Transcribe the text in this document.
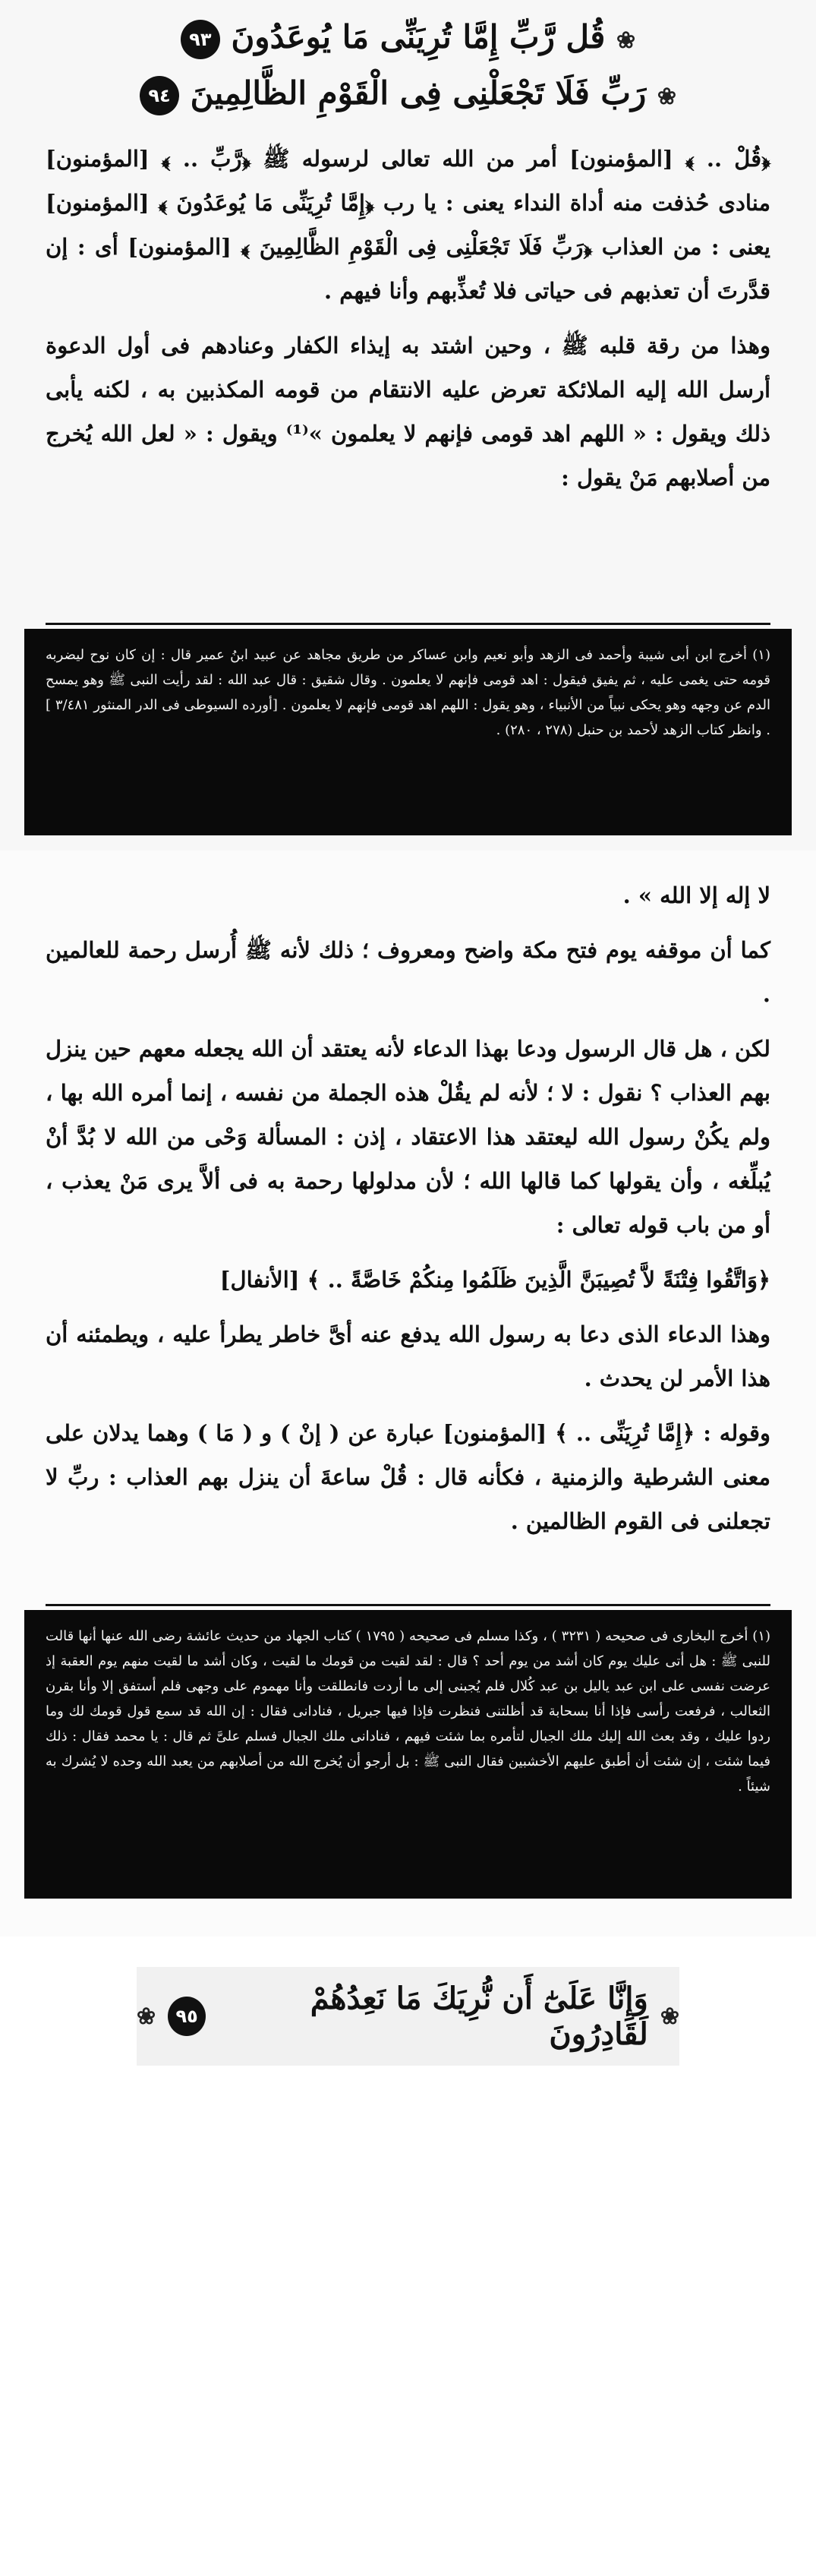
❀ قُل رَّبِّ إِمَّا تُرِيَنِّى مَا يُوعَدُونَ ٩٣
❀ رَبِّ فَلَا تَجْعَلْنِى فِى الْقَوْمِ الظَّالِمِينَ ٩٤

﴿قُلْ .. ﴾ [المؤمنون] أمر من الله تعالى لرسوله ﷺ ﴿رَّبِّ .. ﴾ [المؤمنون] منادى حُذفت منه أداة النداء يعنى : يا رب ﴿إِمَّا تُرِيَنِّى مَا يُوعَدُونَ ﴾ [المؤمنون] يعنى : من العذاب ﴿رَبِّ فَلَا تَجْعَلْنِى فِى الْقَوْمِ الظَّالِمِينَ ﴾ [المؤمنون] أى : إن قدَّرتَ أن تعذبهم فى حياتى فلا تُعذِّبهم وأنا فيهم .

وهذا من رقة قلبه ﷺ ، وحين اشتد به إيذاء الكفار وعنادهم فى أول الدعوة أرسل الله إليه الملائكة تعرض عليه الانتقام من قومه المكذبين به ، لكنه يأبى ذلك ويقول : « اللهم اهد قومى فإنهم لا يعلمون »⁽¹⁾ ويقول : « لعل الله يُخرج من أصلابهم مَنْ يقول :

(١) أخرج ابن أبى شيبة وأحمد فى الزهد وأبو نعيم وابن عساكر من طريق مجاهد عن عبيد ابنُ عمير قال : إن كان نوح ليضربه قومه حتى يغمى عليه ، ثم يفيق فيقول : اهد قومى فإنهم لا يعلمون . وقال شقيق : قال عبد الله : لقد رأيت النبى ﷺ وهو يمسح الدم عن وجهه وهو يحكى نبياً من الأنبياء ، وهو يقول : اللهم اهد قومى فإنهم لا يعلمون . [أورده السيوطى فى الدر المنثور ٣/٤٨١ ] . وانظر كتاب الزهد لأحمد بن حنبل (٢٧٨ ، ٢٨٠) .

لا إله إلا الله » .

كما أن موقفه يوم فتح مكة واضح ومعروف ؛ ذلك لأنه ﷺ أُرسل رحمة للعالمين .

لكن ، هل قال الرسول ودعا بهذا الدعاء لأنه يعتقد أن الله يجعله معهم حين ينزل بهم العذاب ؟ نقول : لا ؛ لأنه لم يقُلْ هذه الجملة من نفسه ، إنما أمره الله بها ، ولم يكُنْ رسول الله ليعتقد هذا الاعتقاد ، إذن : المسألة وَحْى من الله لا بُدَّ أنْ يُبلِّغه ، وأن يقولها كما قالها الله ؛ لأن مدلولها رحمة به فى ألاَّ يرى مَنْ يعذب ، أو من باب قوله تعالى :

﴿وَاتَّقُوا فِتْنَةً لاَّ تُصِيبَنَّ الَّذِينَ ظَلَمُوا مِنكُمْ خَاصَّةً .. ﴾ [الأنفال]

وهذا الدعاء الذى دعا به رسول الله يدفع عنه أىَّ خاطر يطرأ عليه ، ويطمئنه أن هذا الأمر لن يحدث .

وقوله : ﴿إِمَّا تُرِيَنِّى .. ﴾ [المؤمنون] عبارة عن ( إنْ ) و ( مَا ) وهما يدلان على معنى الشرطية والزمنية ، فكأنه قال : قُلْ ساعةَ أن ينزل بهم العذاب : ربِّ لا تجعلنى فى القوم الظالمين .

(١) أخرج البخارى فى صحيحه ( ٣٢٣١ ) ، وكذا مسلم فى صحيحه ( ١٧٩٥ ) كتاب الجهاد من حديث عائشة رضى الله عنها أنها قالت للنبى ﷺ : هل أتى عليك يوم كان أشد من يوم أحد ؟ قال : لقد لقيت من قومك ما لقيت ، وكان أشد ما لقيت منهم يوم العقبة إذ عرضت نفسى على ابن عبد ياليل بن عبد كُلال فلم يُجبنى إلى ما أردت فانطلقت وأنا مهموم على وجهى فلم أستفق إلا وأنا بقرن الثعالب ، فرفعت رأسى فإذا أنا بسحابة قد أظلتنى فنظرت فإذا فيها جبريل ، فنادانى فقال : إن الله قد سمع قول قومك لك وما ردوا عليك ، وقد بعث الله إليك ملك الجبال لتأمره بما شئت فيهم ، فنادانى ملك الجبال فسلم علىَّ ثم قال : يا محمد فقال : ذلك فيما شئت ، إن شئت أن أطبق عليهم الأخشبين فقال النبى ﷺ : بل أرجو أن يُخرج الله من أصلابهم من يعبد الله وحده لا يُشرك به شيئاً .
❀
وَإِنَّا عَلَىٰٓ أَن نُّرِيَكَ مَا نَعِدُهُمْ لَقَادِرُونَ
٩٥
❀
